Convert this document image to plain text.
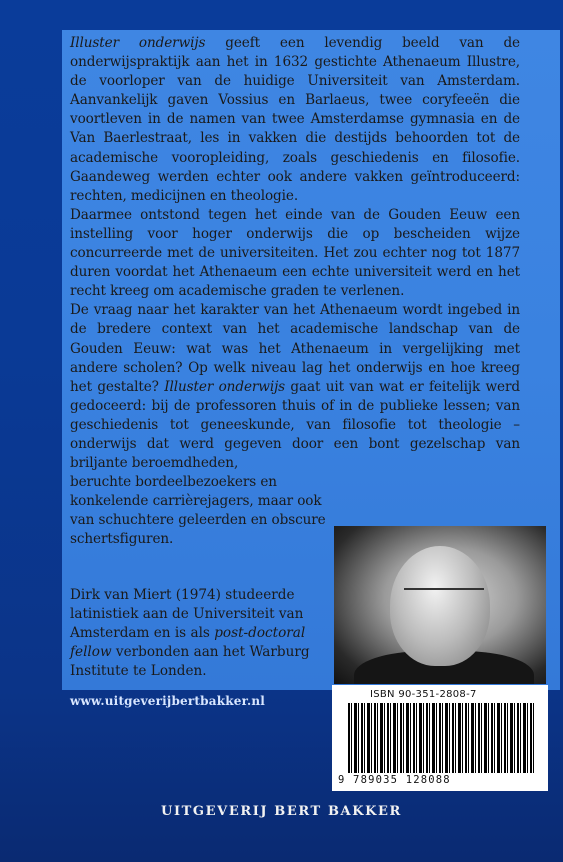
Illuster onderwijs geeft een levendig beeld van de onderwijspraktijk aan het in 1632 gestichte Athenaeum Illustre, de voorloper van de huidige Universiteit van Amsterdam. Aanvankelijk gaven Vossius en Barlaeus, twee coryfeeën die voortleven in de namen van twee Amsterdamse gymnasia en de Van Baerlestraat, les in vakken die destijds behoorden tot de academische vooropleiding, zoals geschiedenis en filosofie. Gaandeweg werden echter ook andere vakken geïntroduceerd: rechten, medicijnen en theologie.

Daarmee ontstond tegen het einde van de Gouden Eeuw een instelling voor hoger onderwijs die op bescheiden wijze concurreerde met de universiteiten. Het zou echter nog tot 1877 duren voordat het Athenaeum een echte universiteit werd en het recht kreeg om academische graden te verlenen.

De vraag naar het karakter van het Athenaeum wordt ingebed in de bredere context van het academische landschap van de Gouden Eeuw: wat was het Athenaeum in vergelijking met andere scholen? Op welk niveau lag het onderwijs en hoe kreeg het gestalte? Illuster onderwijs gaat uit van wat er feitelijk werd gedoceerd: bij de professoren thuis of in de publieke lessen; van geschiedenis tot geneeskunde, van filosofie tot theologie – onderwijs dat werd gegeven door een bont gezelschap van briljante beroemdheden,

beruchte bordeelbezoekers en konkelende carrièrejagers, maar ook van schuchtere geleerden en obscure schertsfiguren.

Dirk van Miert (1974) studeerde latinistiek aan de Universiteit van Amsterdam en is als post-doctoral fellow verbonden aan het Warburg Institute te Londen.

www.uitgeverijbertbakker.nl	ISBN 90-351-2808-7
9 789035 128088
UITGEVERIJ BERT BAKKER
